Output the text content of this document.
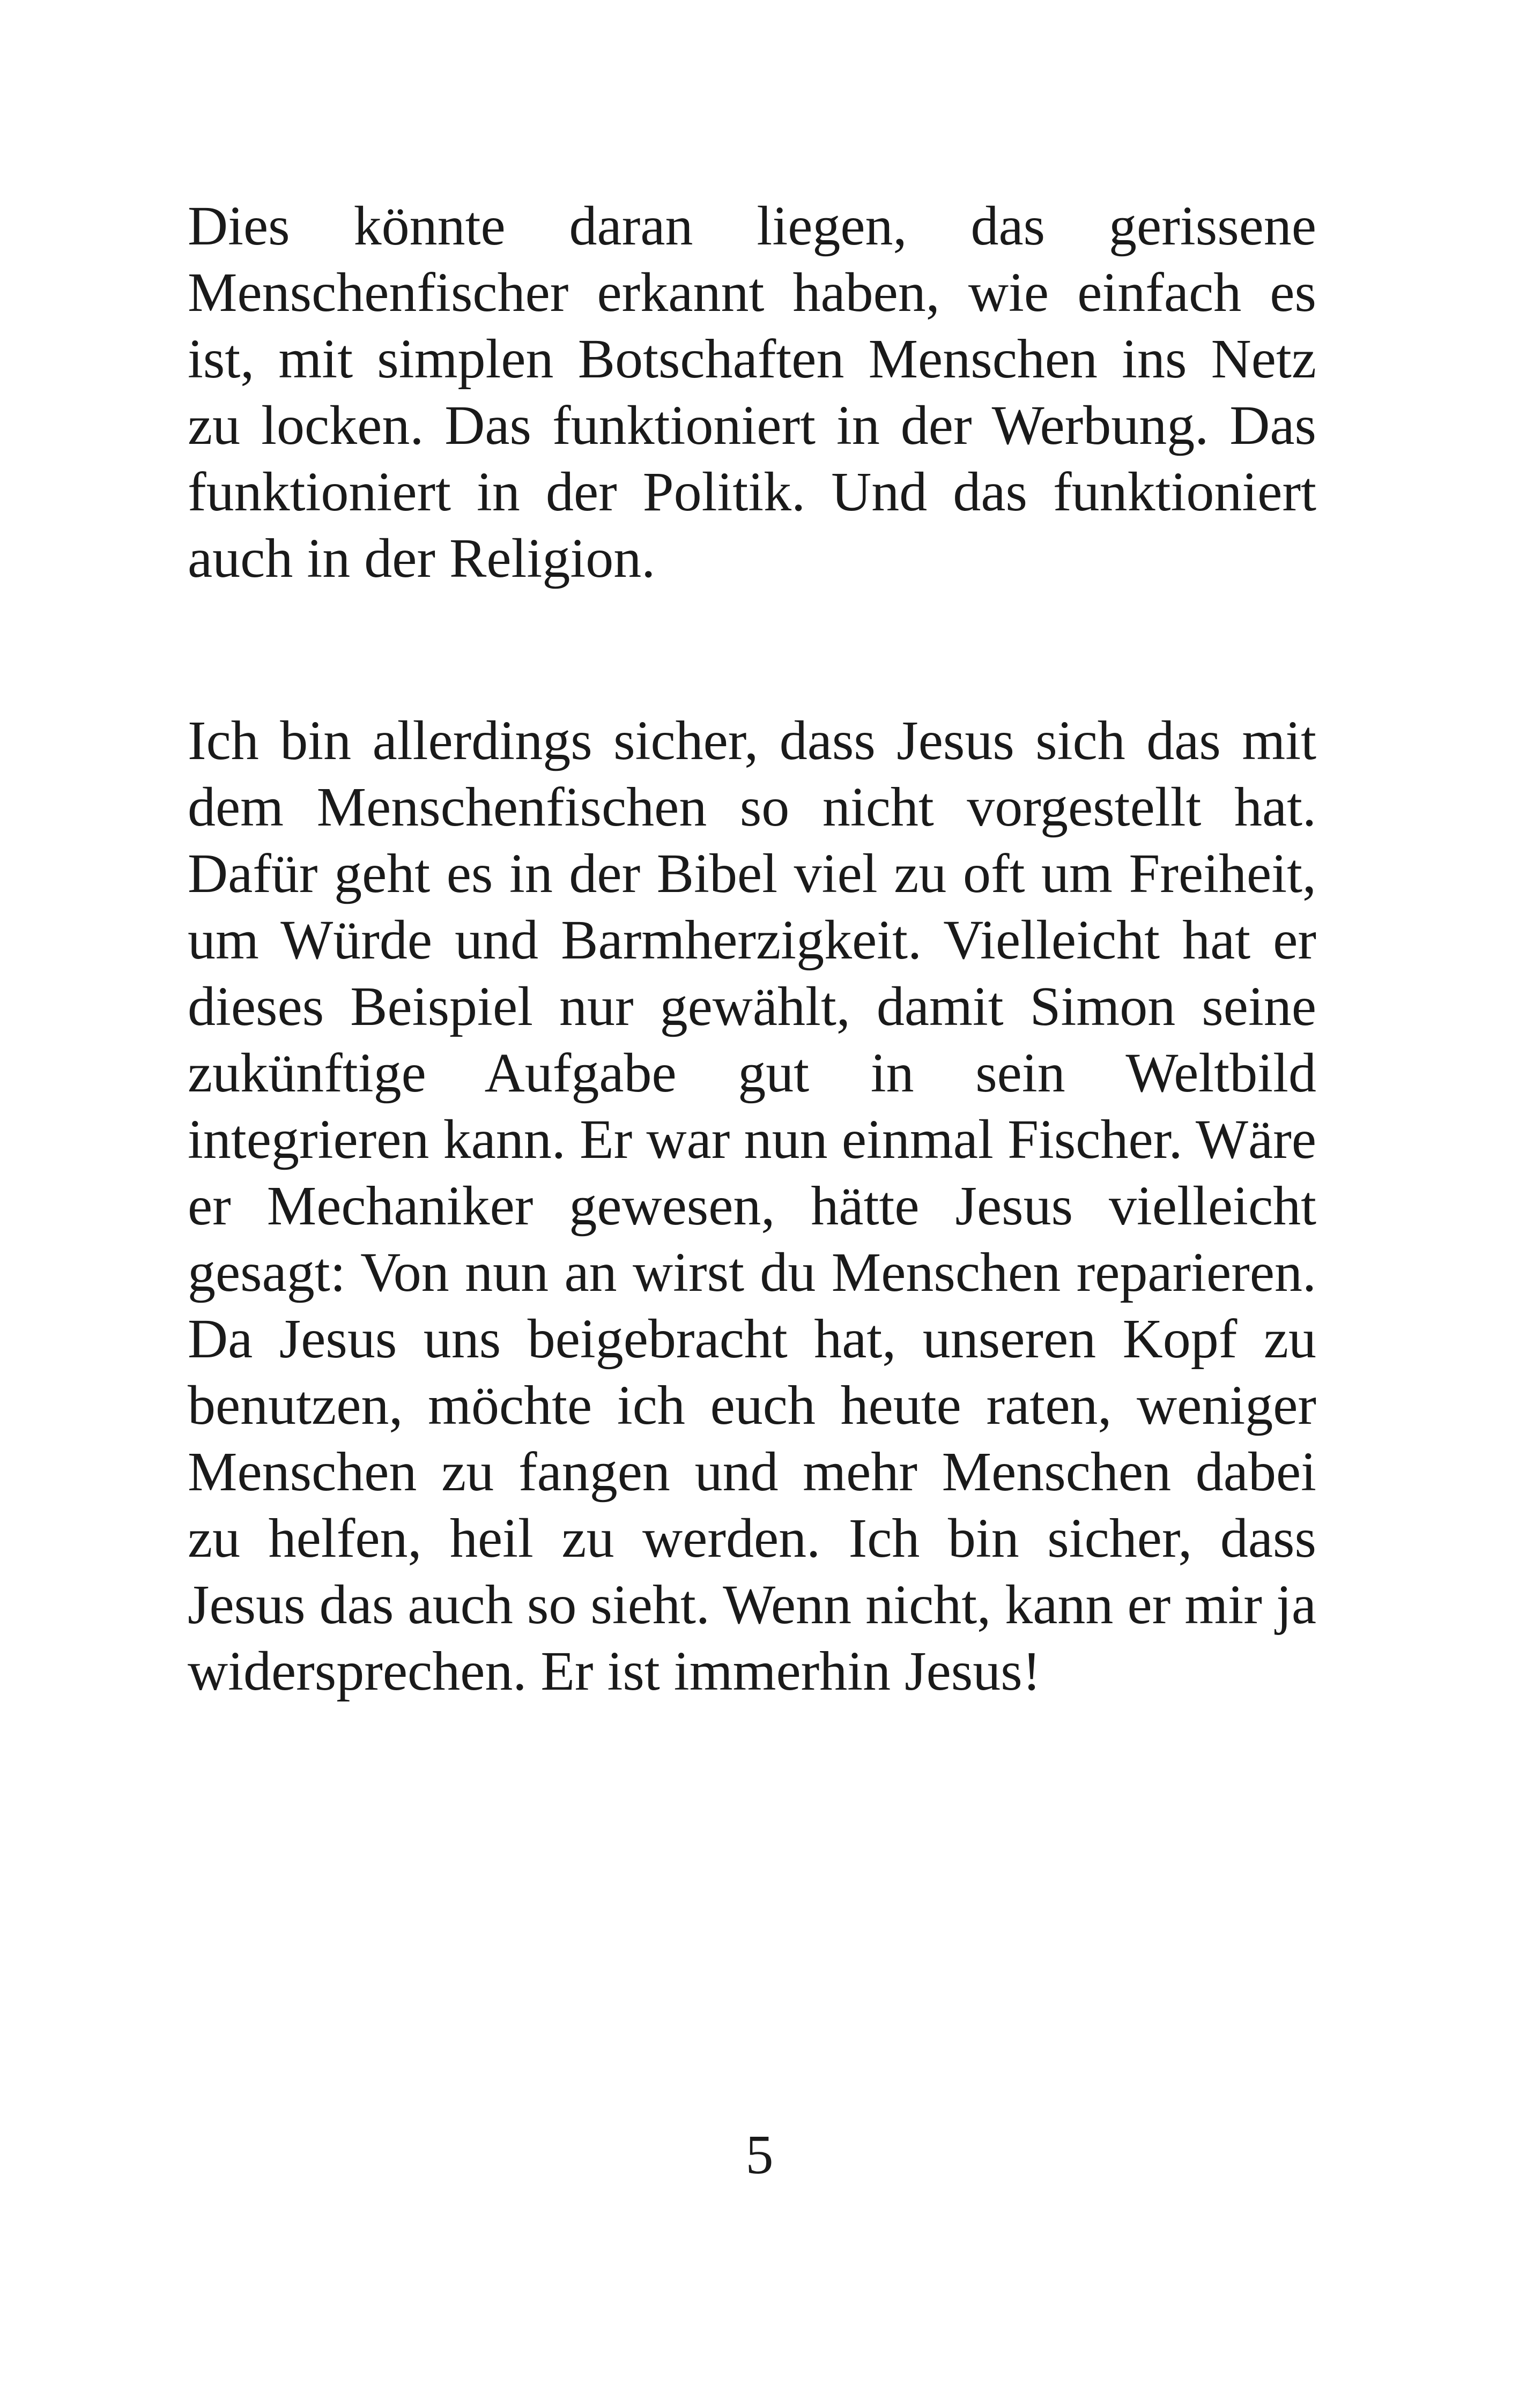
Dies könnte daran liegen, das gerissene Menschenfischer erkannt haben, wie einfach es ist, mit simplen Botschaften Menschen ins Netz zu locken. Das funktioniert in der Werbung. Das funktioniert in der Politik. Und das funktioniert auch in der Religion.

Ich bin allerdings sicher, dass Jesus sich das mit dem Menschenfischen so nicht vorgestellt hat. Dafür geht es in der Bibel viel zu oft um Freiheit, um Würde und Barmherzigkeit. Vielleicht hat er dieses Beispiel nur gewählt, damit Simon seine zukünftige Aufgabe gut in sein Weltbild integrieren kann. Er war nun einmal Fischer. Wäre er Mechaniker gewesen, hätte Jesus vielleicht gesagt: Von nun an wirst du Menschen reparieren. Da Jesus uns beigebracht hat, unseren Kopf zu benutzen, möchte ich euch heute raten, weniger Menschen zu fangen und mehr Menschen dabei zu helfen, heil zu werden. Ich bin sicher, dass Jesus das auch so sieht. Wenn nicht, kann er mir ja widersprechen. Er ist immerhin Jesus!

5
